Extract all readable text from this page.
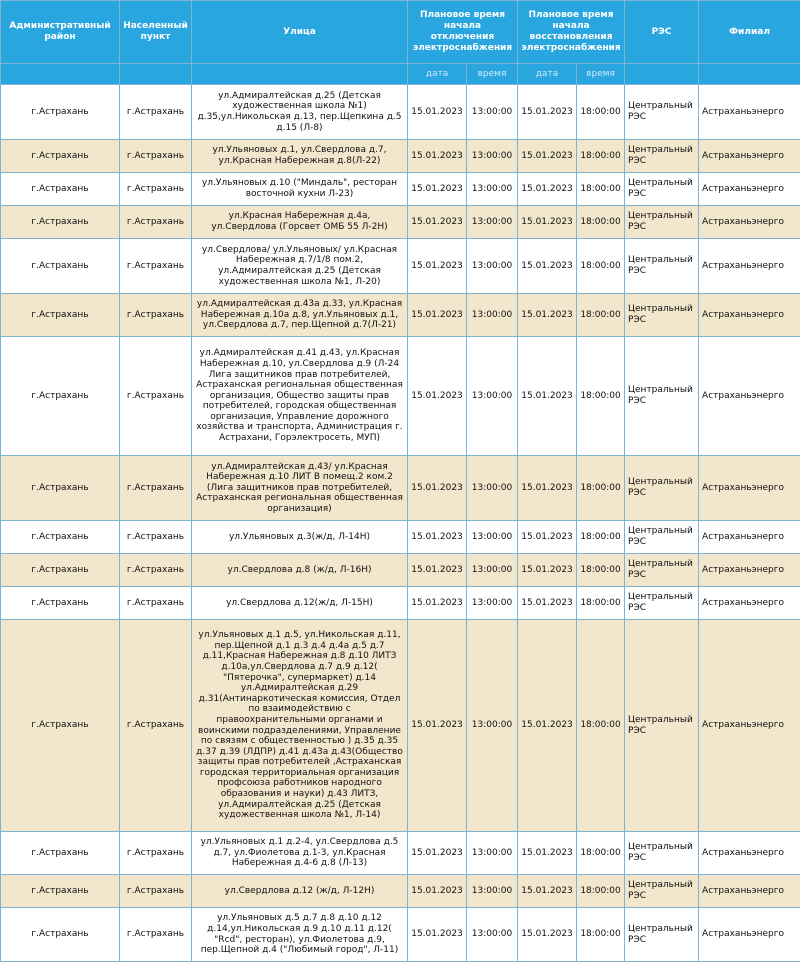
Административный район	Населенный пункт	Улица	Плановое время начала отключения электроснабжения		Плановое время начала восстановления электроснабжения		РЭС	Филиал
			дата	время	дата	время		
г.Астрахань	г.Астрахань	ул.Адмиралтейская д.25 (Детская художественная школа №1) д.35,ул.Никольская д.13, пер.Щепкина д.5 д.15 (Л-8)	15.01.2023	13:00:00	15.01.2023	18:00:00	Центральный РЭС	Астраханьэнерго
г.Астрахань	г.Астрахань	ул.Ульяновых д.1, ул.Свердлова д.7, ул.Красная Набережная д.8(Л-22)	15.01.2023	13:00:00	15.01.2023	18:00:00	Центральный РЭС	Астраханьэнерго
г.Астрахань	г.Астрахань	ул.Ульяновых д.10 ("Миндаль", ресторан восточной кухни Л-23)	15.01.2023	13:00:00	15.01.2023	18:00:00	Центральный РЭС	Астраханьэнерго
г.Астрахань	г.Астрахань	ул.Красная Набережная д.4а, ул.Свердлова (Горсвет ОМБ 55 Л-2Н)	15.01.2023	13:00:00	15.01.2023	18:00:00	Центральный РЭС	Астраханьэнерго
г.Астрахань	г.Астрахань	ул.Свердлова/ ул.Ульяновых/ ул.Красная Набережная д.7/1/8 пом.2, ул.Адмиралтейская д.25 (Детская художественная школа №1, Л-20)	15.01.2023	13:00:00	15.01.2023	18:00:00	Центральный РЭС	Астраханьэнерго
г.Астрахань	г.Астрахань	ул.Адмиралтейская д.43а д.33, ул.Красная Набережная д.10а д.8, ул.Ульяновых д.1, ул.Свердлова д.7, пер.Щепной д.7(Л-21)	15.01.2023	13:00:00	15.01.2023	18:00:00	Центральный РЭС	Астраханьэнерго
г.Астрахань	г.Астрахань	ул.Адмиралтейская д.41 д.43, ул.Красная Набережная д.10, ул.Свердлова д.9 (Л-24 Лига защитников прав потребителей, Астраханская региональная общественная организация, Общество защиты прав потребителей, городская общественная организация, Управление дорожного хозяйства и транспорта, Администрация г. Астрахани, Горэлектросеть, МУП)	15.01.2023	13:00:00	15.01.2023	18:00:00	Центральный РЭС	Астраханьэнерго
г.Астрахань	г.Астрахань	ул.Адмиралтейская д.43/ ул.Красная Набережная д.10 ЛИТ В помещ.2 ком.2 (Лига защитников прав потребителей, Астраханская региональная общественная организация)	15.01.2023	13:00:00	15.01.2023	18:00:00	Центральный РЭС	Астраханьэнерго
г.Астрахань	г.Астрахань	ул.Ульяновых д.3(ж/д, Л-14Н)	15.01.2023	13:00:00	15.01.2023	18:00:00	Центральный РЭС	Астраханьэнерго
г.Астрахань	г.Астрахань	ул.Свердлова д.8 (ж/д, Л-16Н)	15.01.2023	13:00:00	15.01.2023	18:00:00	Центральный РЭС	Астраханьэнерго
г.Астрахань	г.Астрахань	ул.Свердлова д.12(ж/д, Л-15Н)	15.01.2023	13:00:00	15.01.2023	18:00:00	Центральный РЭС	Астраханьэнерго
г.Астрахань	г.Астрахань	ул.Ульяновых д.1 д.5, ул.Никольская д.11, пер.Щепной д.1 д.3 д.4 д.4а д.5 д.7 д.11,Красная Набережная д.8 д.10 ЛИТЗ д.10а,ул.Свердлова д.7 д.9 д.12( "Пятерочка", супермаркет) д.14 ул.Адмиралтейская д.29 д.31(Антинаркотическая комиссия, Отдел по взаимодействию с правоохранительными органами и воинскими подразделениями, Управление по связям с общественностью ) д.35 д.35 д.37 д.39 (ЛДПР) д.41 д.43а д.43(Общество защиты прав потребителей ,Астраханская городская территориальная организация профсоюза работников народного образования и науки) д.43 ЛИТЗ, ул.Адмиралтейская д.25 (Детская художественная школа №1, Л-14)	15.01.2023	13:00:00	15.01.2023	18:00:00	Центральный РЭС	Астраханьэнерго
г.Астрахань	г.Астрахань	ул.Ульяновых д.1 д.2-4, ул.Свердлова д.5 д.7, ул.Фиолетова д.1-3, ул.Красная Набережная д.4-6 д.8 (Л-13)	15.01.2023	13:00:00	15.01.2023	18:00:00	Центральный РЭС	Астраханьэнерго
г.Астрахань	г.Астрахань	ул.Свердлова д.12 (ж/д, Л-12Н)	15.01.2023	13:00:00	15.01.2023	18:00:00	Центральный РЭС	Астраханьэнерго
г.Астрахань	г.Астрахань	ул.Ульяновых д.5 д.7 д.8 д.10 д.12 д.14,ул.Никольская д.9 д.10 д.11 д.12( "Rcd", ресторан), ул.Фиолетова д.9, пер.Щепной д.4 ("Любимый город", Л-11)	15.01.2023	13:00:00	15.01.2023	18:00:00	Центральный РЭС	Астраханьэнерго
